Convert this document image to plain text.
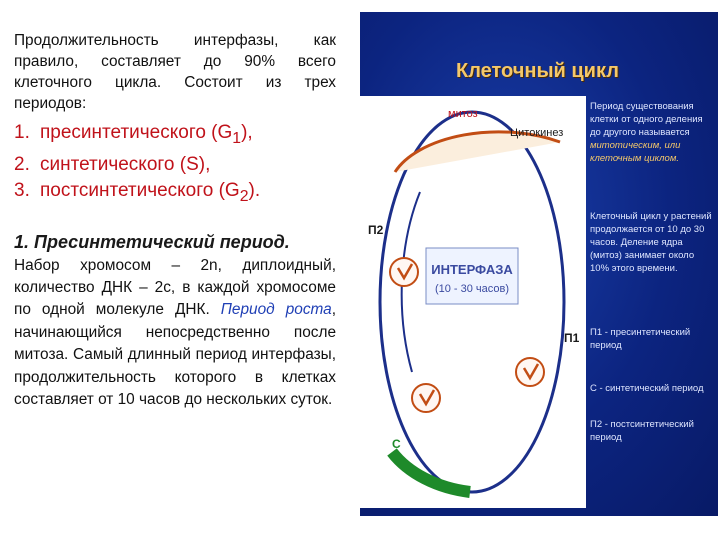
Продолжительность интерфазы, как правило, составляет до 90% всего клеточного цикла. Состоит из трех периодов:

1. пресинтетического $(G_1)$,
2. синтетического (S),
3. постсинтетического $(G_2)$.
1. Пресинтетический период.

Набор хромосом – 2n, диплоидный, количество ДНК – 2c, в каждой хромосоме по одной молекуле ДНК. Период роста, начинающийся непосредственно после митоза. Самый длинный период интерфазы, продолжительность которого в клетках составляет от 10 часов до нескольких суток.

Клеточный цикл
ИНТЕРФАЗА
(10 - 30 часов)
митоз
Цитокинез
П2
П1
С
Период существования клетки от одного деления до другого называется митотическим, или клеточным циклом.
Клеточный цикл у растений продолжается от 10 до 30 часов. Деление ядра (митоз) занимает около 10% этого времени.
П1 - пресинтетический период
С - синтетический период
П2 - постсинтетический период
